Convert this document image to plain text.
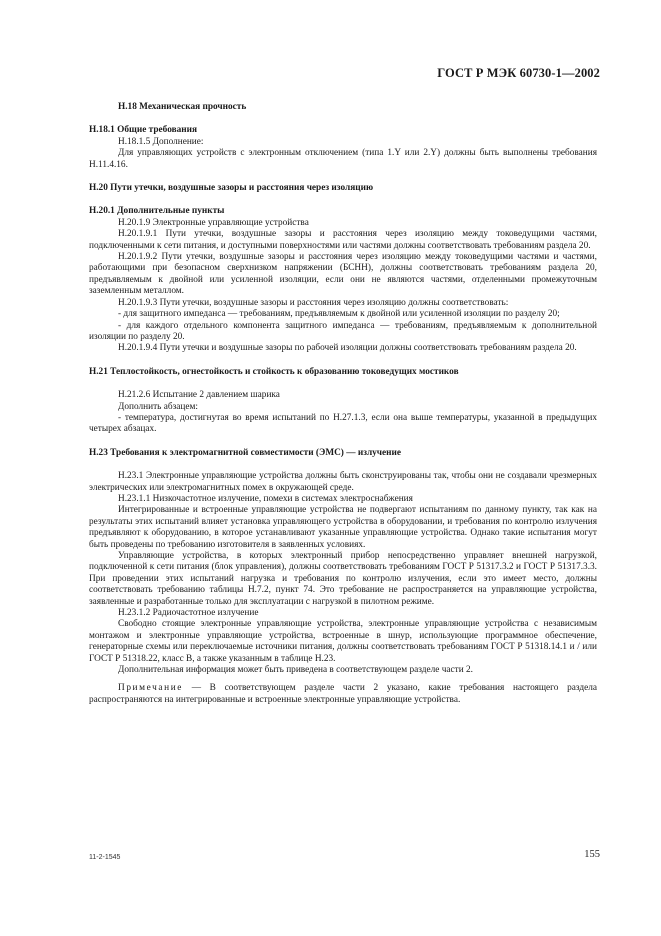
ГОСТ Р МЭК 60730-1—2002

Н.18 Механическая прочность

Н.18.1 Общие требования

Н.18.1.5 Дополнение:

Для управляющих устройств с электронным отключением (типа 1.Y или 2.Y) должны быть выполнены требования Н.11.4.16.

Н.20 Пути утечки, воздушные зазоры и расстояния через изоляцию

Н.20.1 Дополнительные пункты

Н.20.1.9 Электронные управляющие устройства

Н.20.1.9.1 Пути утечки, воздушные зазоры и расстояния через изоляцию между токоведущими частями, подключенными к сети питания, и доступными поверхностями или частями должны соответствовать требованиям раздела 20.

Н.20.1.9.2 Пути утечки, воздушные зазоры и расстояния через изоляцию между токоведущими частями и частями, работающими при безопасном сверхнизком напряжении (БСНН), должны соответствовать требованиям раздела 20, предъявляемым к двойной или усиленной изоляции, если они не являются частями, отделенными промежуточным заземленным металлом.

Н.20.1.9.3 Пути утечки, воздушные зазоры и расстояния через изоляцию должны соответствовать:

- для защитного импеданса — требованиям, предъявляемым к двойной или усиленной изоляции по разделу 20;

- для каждого отдельного компонента защитного импеданса — требованиям, предъявляемым к дополнительной изоляции по разделу 20.

Н.20.1.9.4 Пути утечки и воздушные зазоры по рабочей изоляции должны соответствовать требованиям раздела 20.

Н.21 Теплостойкость, огнестойкость и стойкость к образованию токоведущих мостиков

Н.21.2.6 Испытание 2 давлением шарика

Дополнить абзацем:

- температура, достигнутая во время испытаний по Н.27.1.3, если она выше температуры, указанной в предыдущих четырех абзацах.

Н.23 Требования к электромагнитной совместимости (ЭМС) — излучение

Н.23.1 Электронные управляющие устройства должны быть сконструированы так, чтобы они не создавали чрезмерных электрических или электромагнитных помех в окружающей среде.

Н.23.1.1 Низкочастотное излучение, помехи в системах электроснабжения

Интегрированные и встроенные управляющие устройства не подвергают испытаниям по данному пункту, так как на результаты этих испытаний влияет установка управляющего устройства в оборудовании, и требования по контролю излучения предъявляют к оборудованию, в которое устанавливают указанные управляющие устройства. Однако такие испытания могут быть проведены по требованию изготовителя в заявленных условиях.

Управляющие устройства, в которых электронный прибор непосредственно управляет внешней нагрузкой, подключенной к сети питания (блок управления), должны соответствовать требованиям ГОСТ Р 51317.3.2 и ГОСТ Р 51317.3.3. При проведении этих испытаний нагрузка и требования по контролю излучения, если это имеет место, должны соответствовать требованию таблицы Н.7.2, пункт 74. Это требование не распространяется на управляющие устройства, заявленные и разработанные только для эксплуатации с нагрузкой в пилотном режиме.

Н.23.1.2 Радиочастотное излучение

Свободно стоящие электронные управляющие устройства, электронные управляющие устройства с независимым монтажом и электронные управляющие устройства, встроенные в шнур, использующие программное обеспечение, генераторные схемы или переключаемые источники питания, должны соответствовать требованиям ГОСТ Р 51318.14.1 и / или ГОСТ Р 51318.22, класс В, а также указанным в таблице Н.23.

Дополнительная информация может быть приведена в соответствующем разделе части 2.

Примечание — В соответствующем разделе части 2 указано, какие требования настоящего раздела распространяются на интегрированные и встроенные электронные управляющие устройства.

11-2-1545	155
